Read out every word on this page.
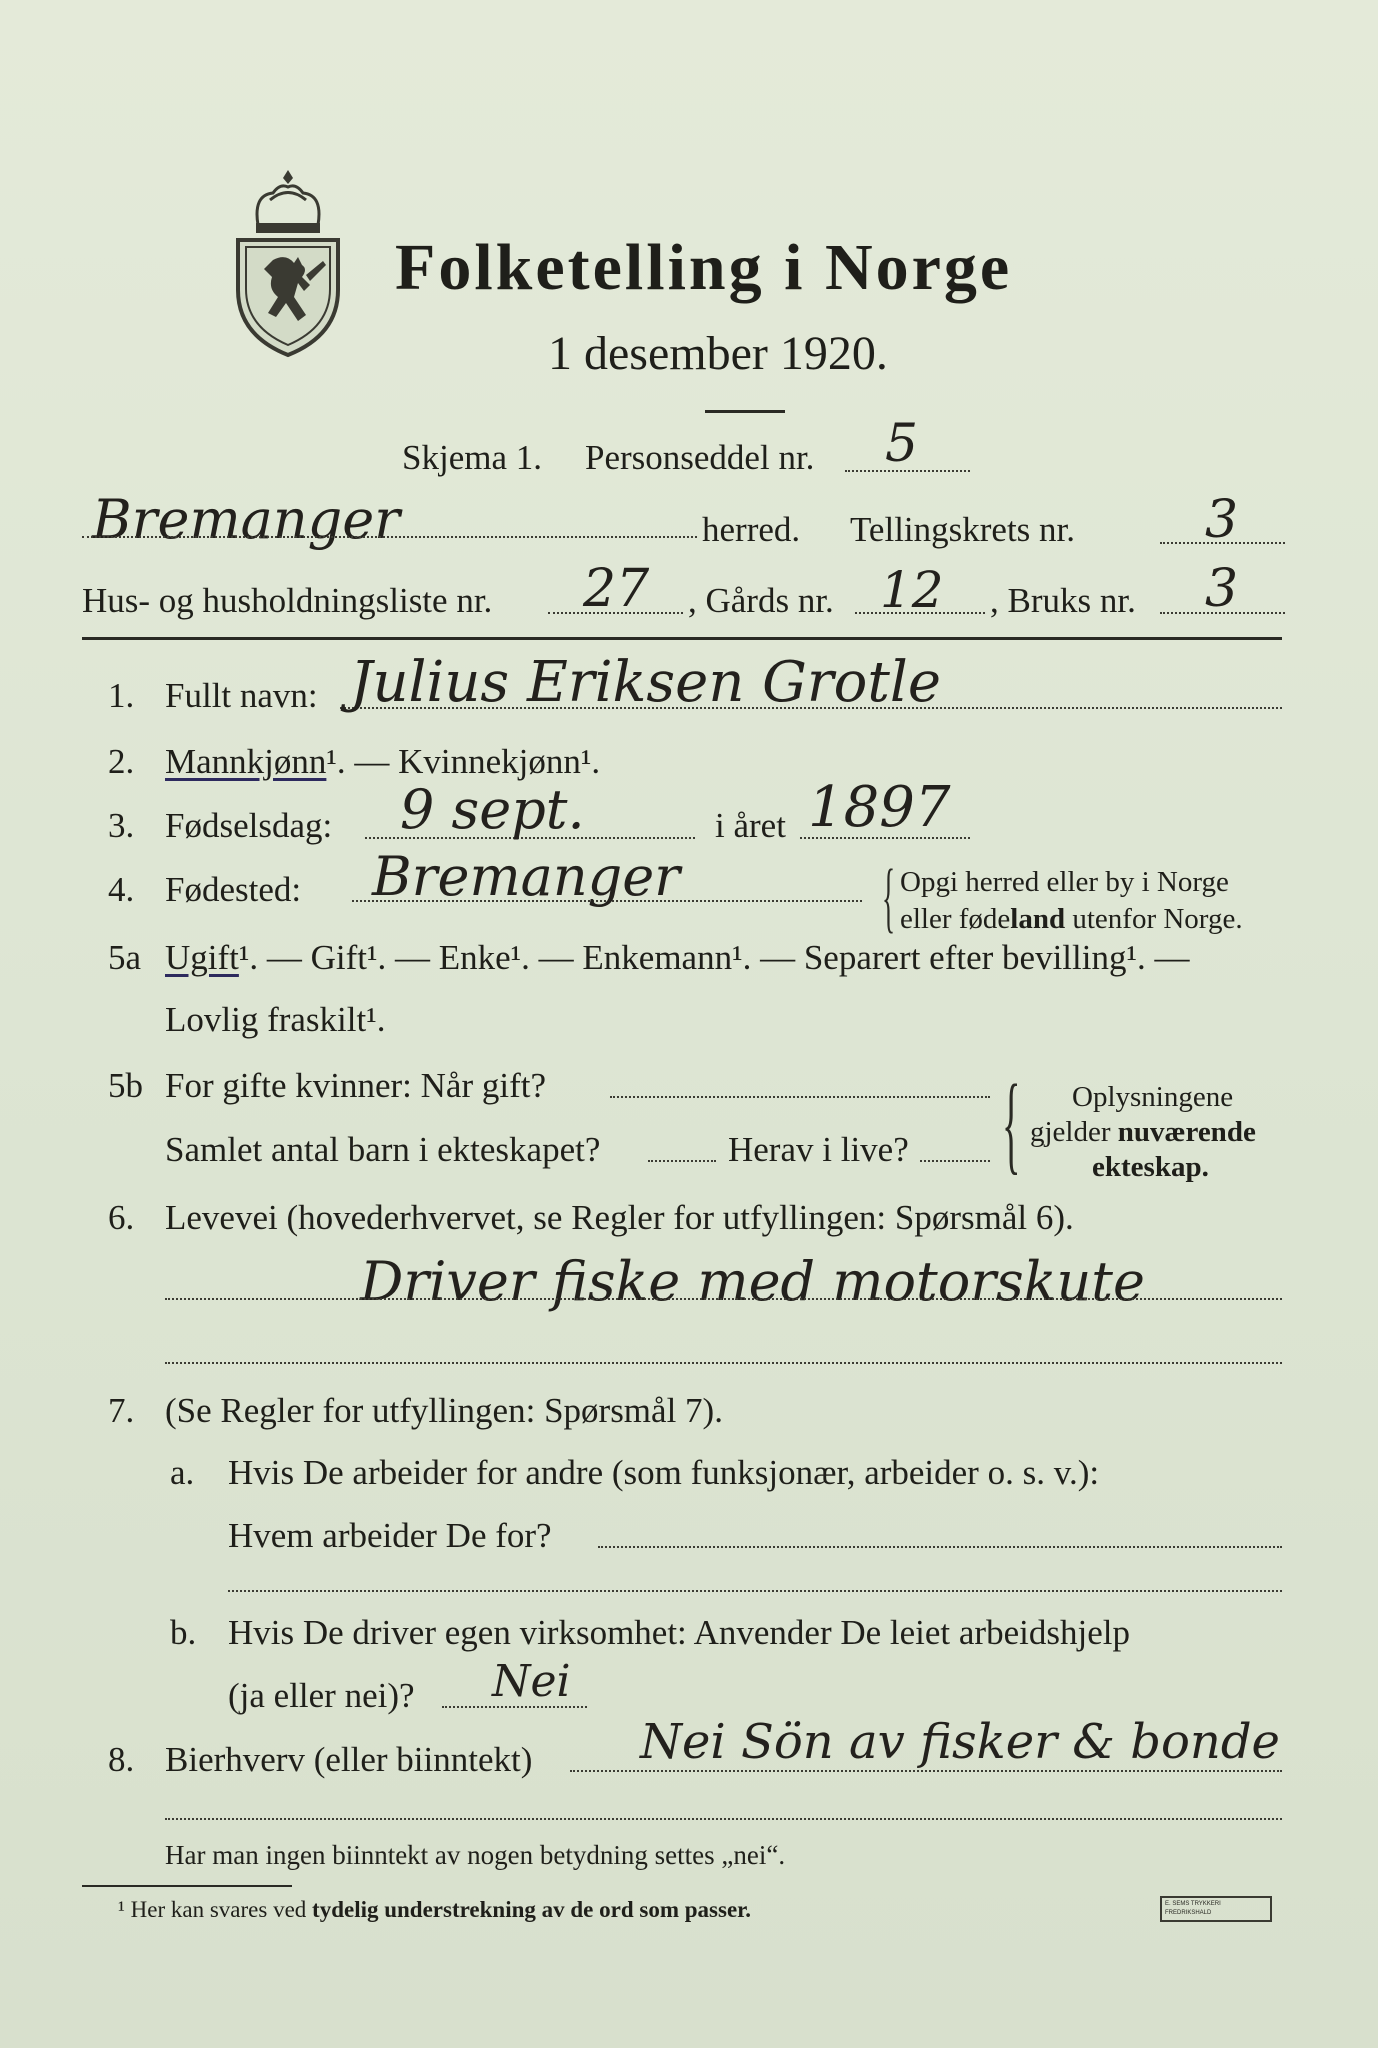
Folketelling i Norge
1 desember 1920.
Skjema 1. Personseddel nr. 5
Bremanger	herred. Tellingskrets nr. 3
Hus- og husholdningsliste nr. 27 , Gårds nr. 12 , Bruks nr. 3
1. Fullt navn: Julius Eriksen Grotle
2. Mannkjønn¹. — Kvinnekjønn¹.
3. Fødselsdag: 9 sept.	i året 1897
4. Fødested: Bremanger	{ Opgi herred eller by i Norge
eller fødeland utenfor Norge.
5a Ugift¹. — Gift¹. — Enke¹. — Enkemann¹. — Separert efter bevilling¹. —
Lovlig fraskilt¹.
5b For gifte kvinner: Når gift?
Samlet antal barn i ekteskapet?	Herav i live? { Oplysningene
gjelder nuværende
ekteskap.
6. Levevei (hovederhvervet, se Regler for utfyllingen: Spørsmål 6).
Driver fiske med motorskute
7. (Se Regler for utfyllingen: Spørsmål 7).
a. Hvis De arbeider for andre (som funksjonær, arbeider o. s. v.):
Hvem arbeider De for?
b. Hvis De driver egen virksomhet: Anvender De leiet arbeidshjelp
(ja eller nei)? Nei
8. Bierhverv (eller biinntekt) Nei Sön av fisker & bonde
Har man ingen biinntekt av nogen betydning settes „nei“.
¹ Her kan svares ved tydelig understrekning av de ord som passer.	E. SEMS TRYKKERI FREDRIKSHALD
